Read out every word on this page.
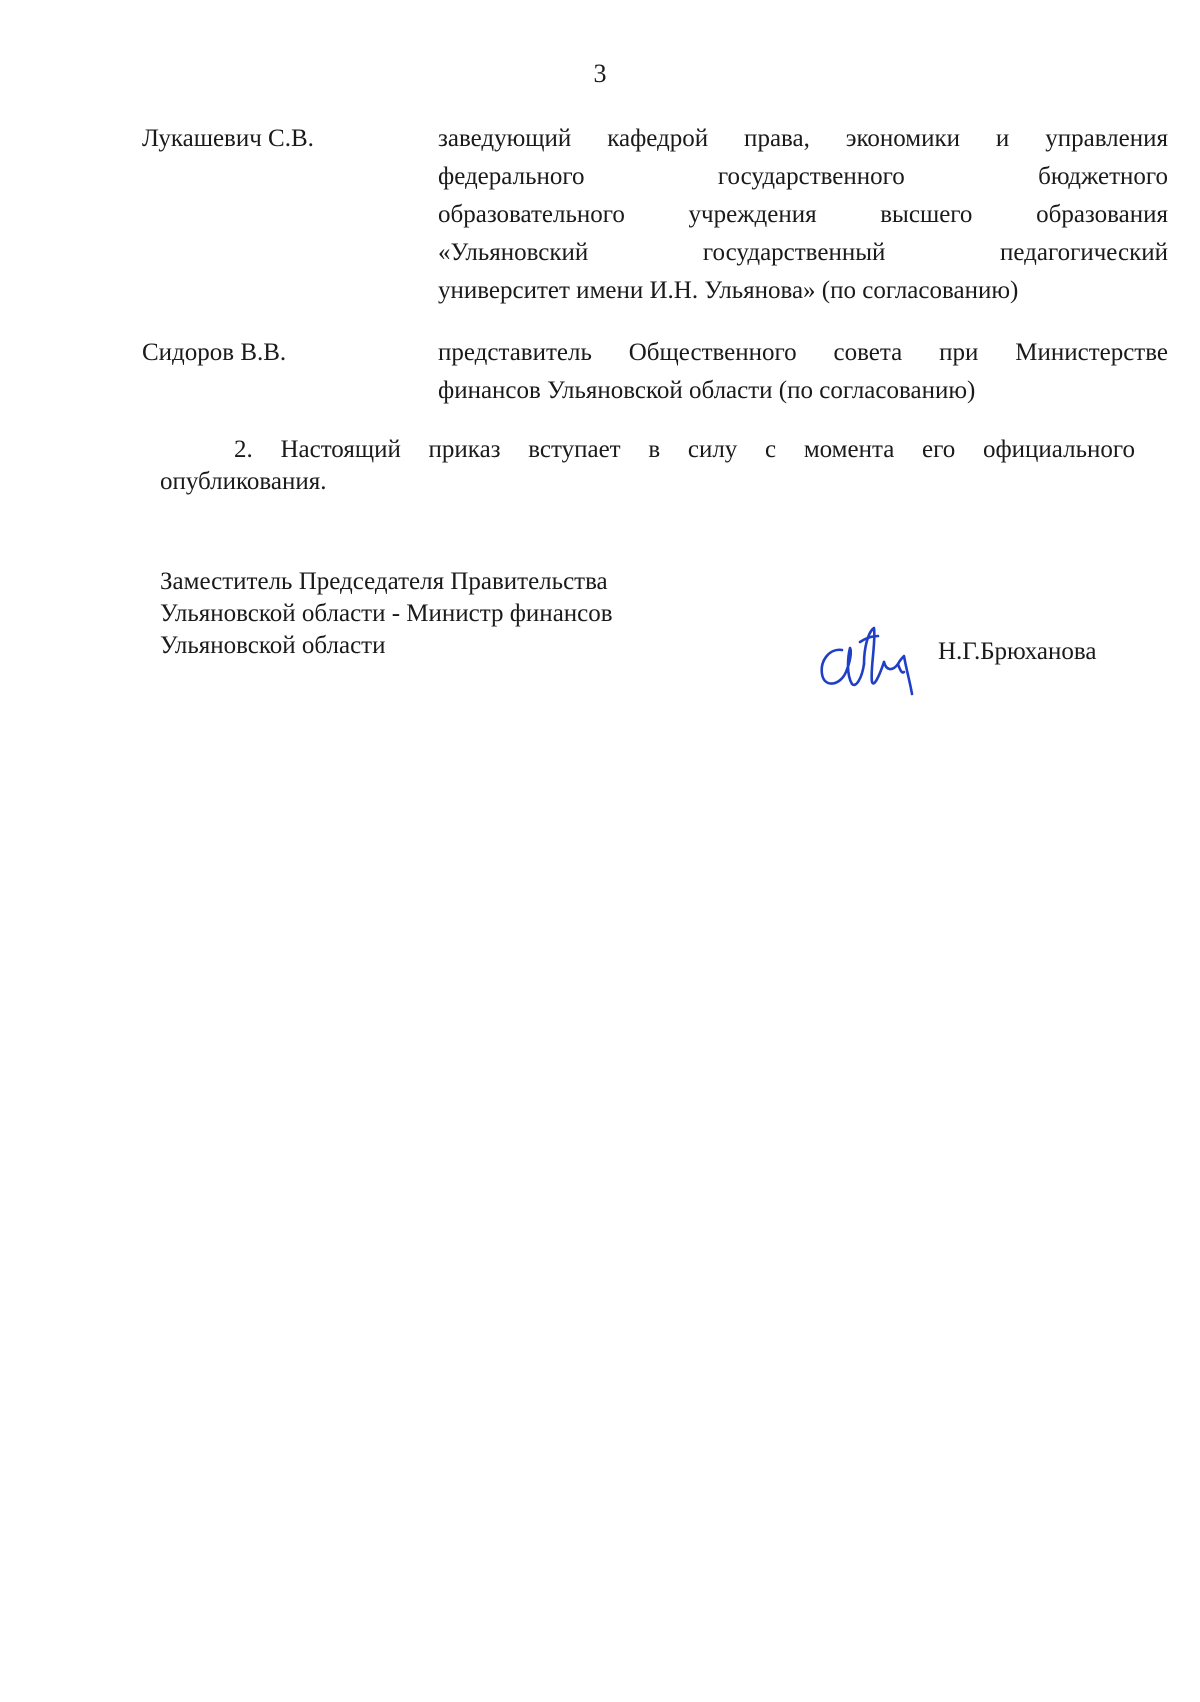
3
Лукашевич С.В.	заведующий кафедрой права, экономики и управления
федерального государственного бюджетного
образовательного учреждения высшего образования
«Ульяновский государственный педагогический
университет имени И.Н. Ульянова» (по согласованию)
Сидоров В.В.	представитель Общественного совета при Министерстве
финансов Ульяновской области (по согласованию)
2. Настоящий приказ вступает в силу с момента его официального
опубликования.
Заместитель Председателя Правительства
Ульяновской области - Министр финансов
Ульяновской области	Н.Г.Брюханова
